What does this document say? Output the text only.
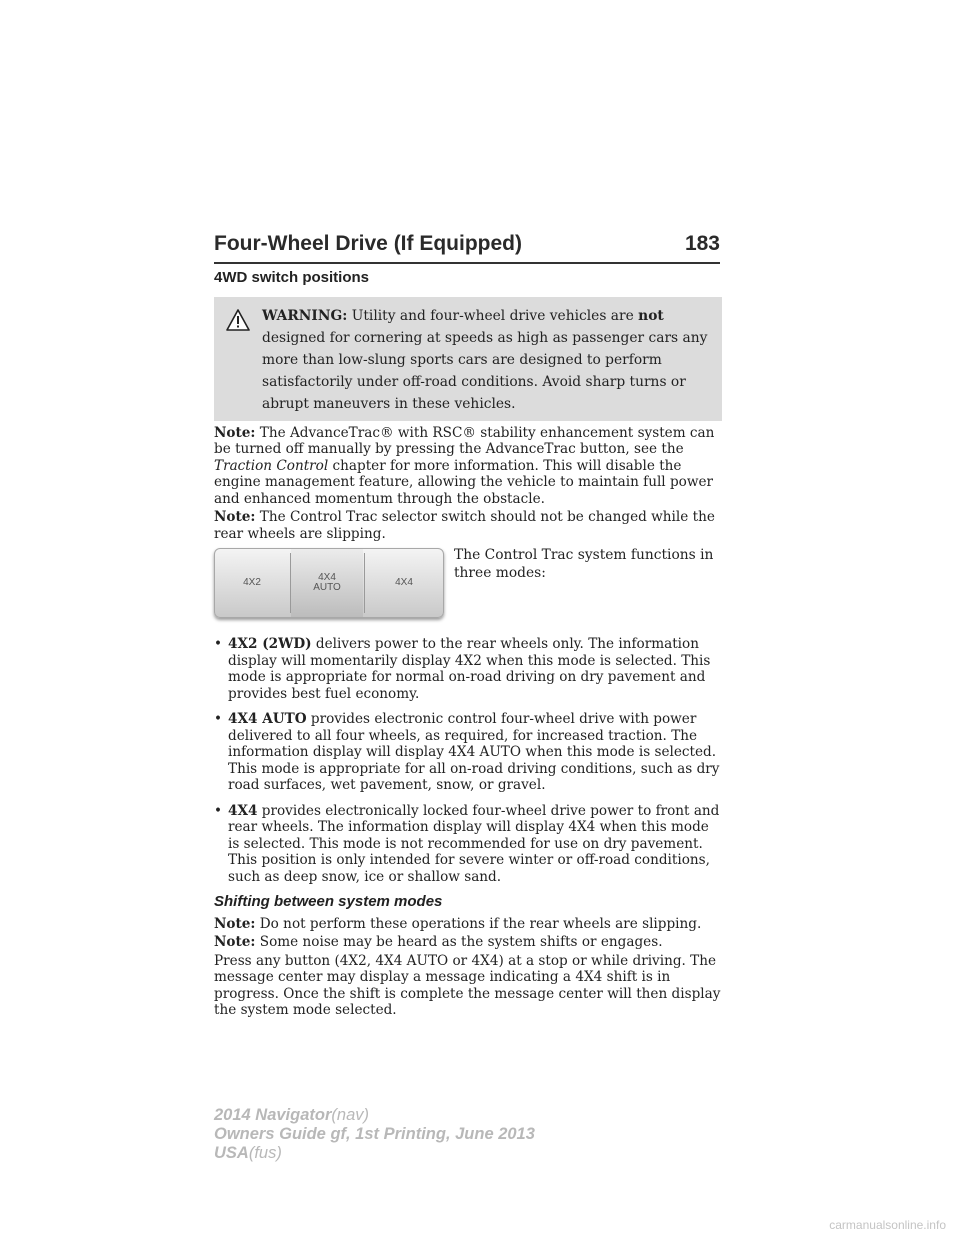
Four-Wheel Drive (If Equipped)	183
4WD switch positions
WARNING: Utility and four-wheel drive vehicles are not designed for cornering at speeds as high as passenger cars any more than low-slung sports cars are designed to perform satisfactorily under off-road conditions. Avoid sharp turns or abrupt maneuvers in these vehicles.

Note: The AdvanceTrac® with RSC® stability enhancement system can be turned off manually by pressing the AdvanceTrac button, see the Traction Control chapter for more information. This will disable the engine management feature, allowing the vehicle to maintain full power and enhanced momentum through the obstacle.

Note: The Control Trac selector switch should not be changed while the rear wheels are slipping.

4X2	4X4
AUTO	4X4
The Control Trac system functions in three modes:
• 4X2 (2WD) delivers power to the rear wheels only. The information display will momentarily display 4X2 when this mode is selected. This mode is appropriate for normal on-road driving on dry pavement and provides best fuel economy.
• 4X4 AUTO provides electronic control four-wheel drive with power delivered to all four wheels, as required, for increased traction. The information display will display 4X4 AUTO when this mode is selected. This mode is appropriate for all on-road driving conditions, such as dry road surfaces, wet pavement, snow, or gravel.
• 4X4 provides electronically locked four-wheel drive power to front and rear wheels. The information display will display 4X4 when this mode is selected. This mode is not recommended for use on dry pavement. This position is only intended for severe winter or off-road conditions, such as deep snow, ice or shallow sand.
Shifting between system modes

Note: Do not perform these operations if the rear wheels are slipping.

Note: Some noise may be heard as the system shifts or engages.

Press any button (4X2, 4X4 AUTO or 4X4) at a stop or while driving. The message center may display a message indicating a 4X4 shift is in progress. Once the shift is complete the message center will then display the system mode selected.

2014 Navigator(nav)
Owners Guide gf, 1st Printing, June 2013
USA(fus)
carmanualsonline.info
